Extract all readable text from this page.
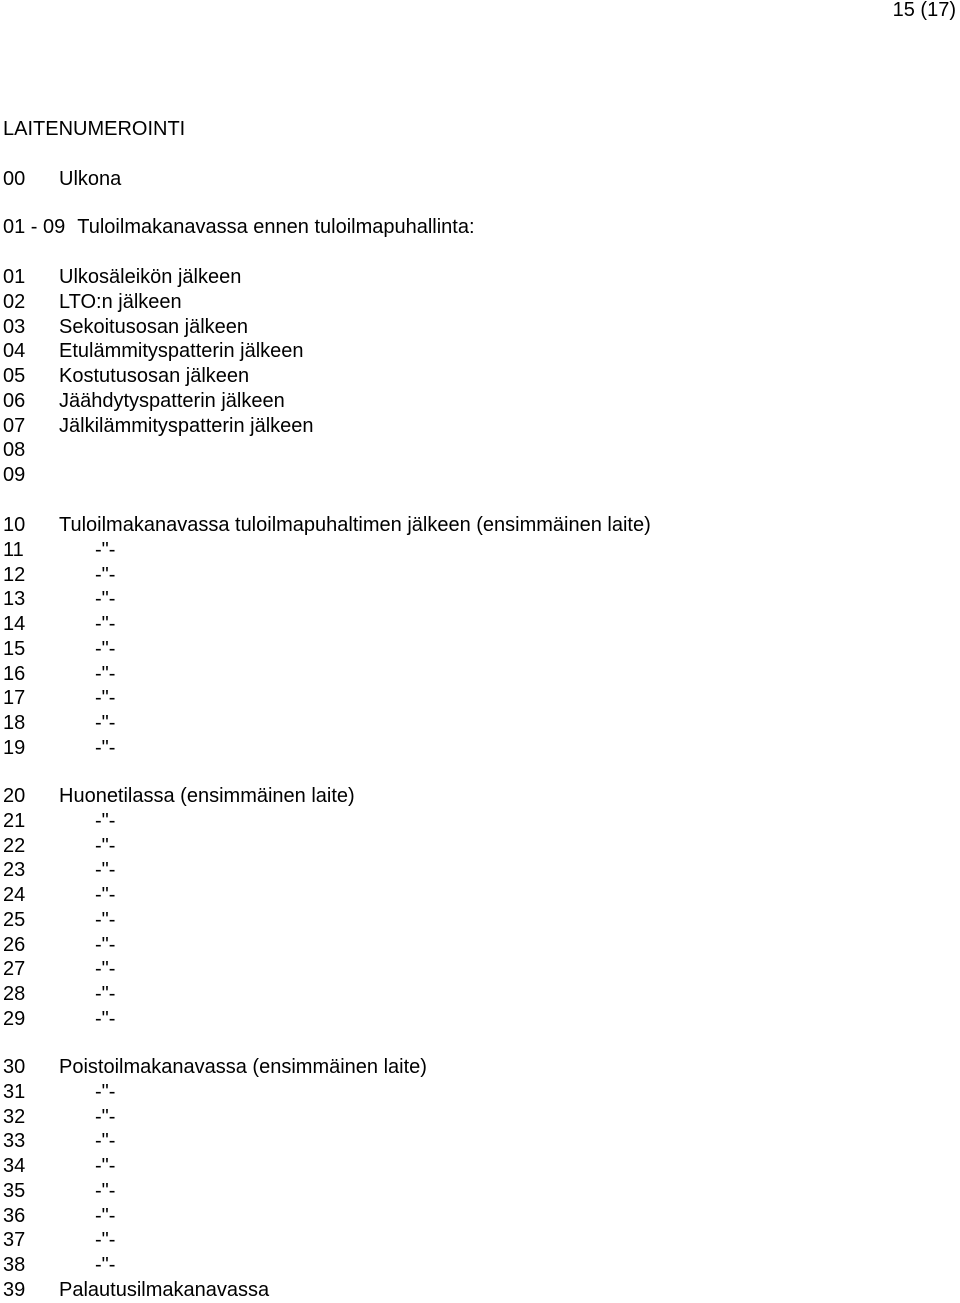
15 (17)
LAITENUMEROINTI
00 Ulkona
01 - 09 Tuloilmakanavassa ennen tuloilmapuhallinta:
01 Ulkosäleikön jälkeen
02 LTO:n jälkeen
03 Sekoitusosan jälkeen
04 Etulämmityspatterin jälkeen
05 Kostutusosan jälkeen
06 Jäähdytyspatterin jälkeen
07 Jälkilämmityspatterin jälkeen
08
09
10 Tuloilmakanavassa tuloilmapuhaltimen jälkeen (ensimmäinen laite)
11	-"-
12	-"-
13	-"-
14	-"-
15	-"-
16	-"-
17	-"-
18	-"-
19	-"-
20 Huonetilassa (ensimmäinen laite)
21	-"-
22	-"-
23	-"-
24	-"-
25	-"-
26	-"-
27	-"-
28	-"-
29	-"-
30 Poistoilmakanavassa (ensimmäinen laite)
31	-"-
32	-"-
33	-"-
34	-"-
35	-"-
36	-"-
37	-"-
38	-"-
39 Palautusilmakanavassa
